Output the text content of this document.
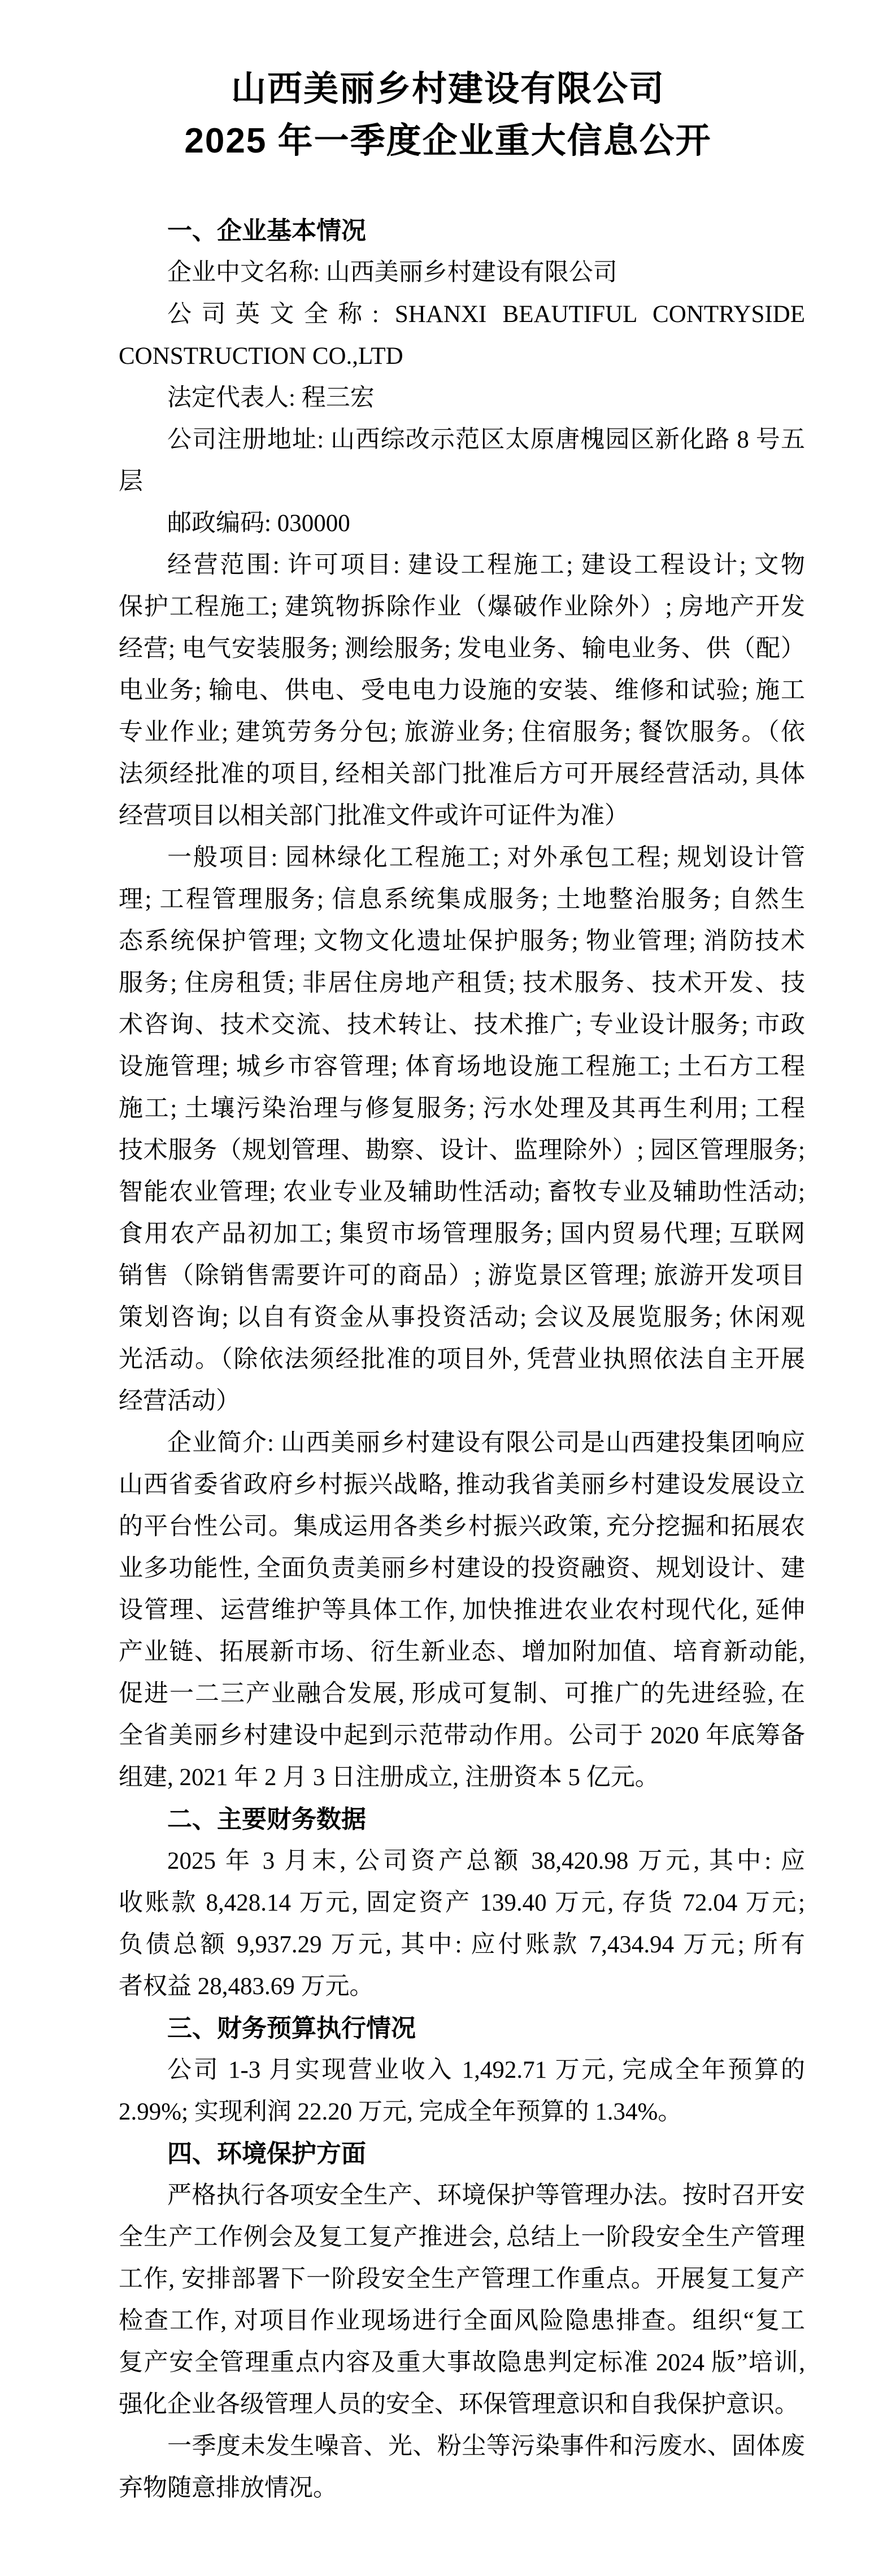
山西美丽乡村建设有限公司
2025 年一季度企业重大信息公开
一、企业基本情况
企业中文名称: 山西美丽乡村建设有限公司
公司英文全称: SHANXI BEAUTIFUL CONTRYSIDE
CONSTRUCTION CO.,LTD
法定代表人: 程三宏
公司注册地址: 山西综改示范区太原唐槐园区新化路 8 号五
层
邮政编码: 030000
经营范围: 许可项目: 建设工程施工; 建设工程设计; 文物
保护工程施工; 建筑物拆除作业（爆破作业除外）; 房地产开发
经营; 电气安装服务; 测绘服务; 发电业务、输电业务、供（配）
电业务; 输电、供电、受电电力设施的安装、维修和试验; 施工
专业作业; 建筑劳务分包; 旅游业务; 住宿服务; 餐饮服务。（依
法须经批准的项目, 经相关部门批准后方可开展经营活动, 具体
经营项目以相关部门批准文件或许可证件为准）
一般项目: 园林绿化工程施工; 对外承包工程; 规划设计管
理; 工程管理服务; 信息系统集成服务; 土地整治服务; 自然生
态系统保护管理; 文物文化遗址保护服务; 物业管理; 消防技术
服务; 住房租赁; 非居住房地产租赁; 技术服务、技术开发、技
术咨询、技术交流、技术转让、技术推广; 专业设计服务; 市政
设施管理; 城乡市容管理; 体育场地设施工程施工; 土石方工程
施工; 土壤污染治理与修复服务; 污水处理及其再生利用; 工程
技术服务（规划管理、勘察、设计、监理除外）; 园区管理服务;
智能农业管理; 农业专业及辅助性活动; 畜牧专业及辅助性活动;
食用农产品初加工; 集贸市场管理服务; 国内贸易代理; 互联网
销售（除销售需要许可的商品）; 游览景区管理; 旅游开发项目
策划咨询; 以自有资金从事投资活动; 会议及展览服务; 休闲观
光活动。（除依法须经批准的项目外, 凭营业执照依法自主开展
经营活动）
企业简介: 山西美丽乡村建设有限公司是山西建投集团响应
山西省委省政府乡村振兴战略, 推动我省美丽乡村建设发展设立
的平台性公司。集成运用各类乡村振兴政策, 充分挖掘和拓展农
业多功能性, 全面负责美丽乡村建设的投资融资、规划设计、建
设管理、运营维护等具体工作, 加快推进农业农村现代化, 延伸
产业链、拓展新市场、衍生新业态、增加附加值、培育新动能,
促进一二三产业融合发展, 形成可复制、可推广的先进经验, 在
全省美丽乡村建设中起到示范带动作用。公司于 2020 年底筹备
组建, 2021 年 2 月 3 日注册成立, 注册资本 5 亿元。
二、主要财务数据
2025 年 3 月末, 公司资产总额 38,420.98 万元, 其中: 应
收账款 8,428.14 万元, 固定资产 139.40 万元, 存货 72.04 万元;
负债总额 9,937.29 万元, 其中: 应付账款 7,434.94 万元; 所有
者权益 28,483.69 万元。
三、财务预算执行情况
公司 1-3 月实现营业收入 1,492.71 万元, 完成全年预算的
2.99%; 实现利润 22.20 万元, 完成全年预算的 1.34%。
四、环境保护方面
严格执行各项安全生产、环境保护等管理办法。按时召开安
全生产工作例会及复工复产推进会, 总结上一阶段安全生产管理
工作, 安排部署下一阶段安全生产管理工作重点。开展复工复产
检查工作, 对项目作业现场进行全面风险隐患排查。组织“复工
复产安全管理重点内容及重大事故隐患判定标准 2024 版”培训,
强化企业各级管理人员的安全、环保管理意识和自我保护意识。
一季度未发生噪音、光、粉尘等污染事件和污废水、固体废
弃物随意排放情况。
